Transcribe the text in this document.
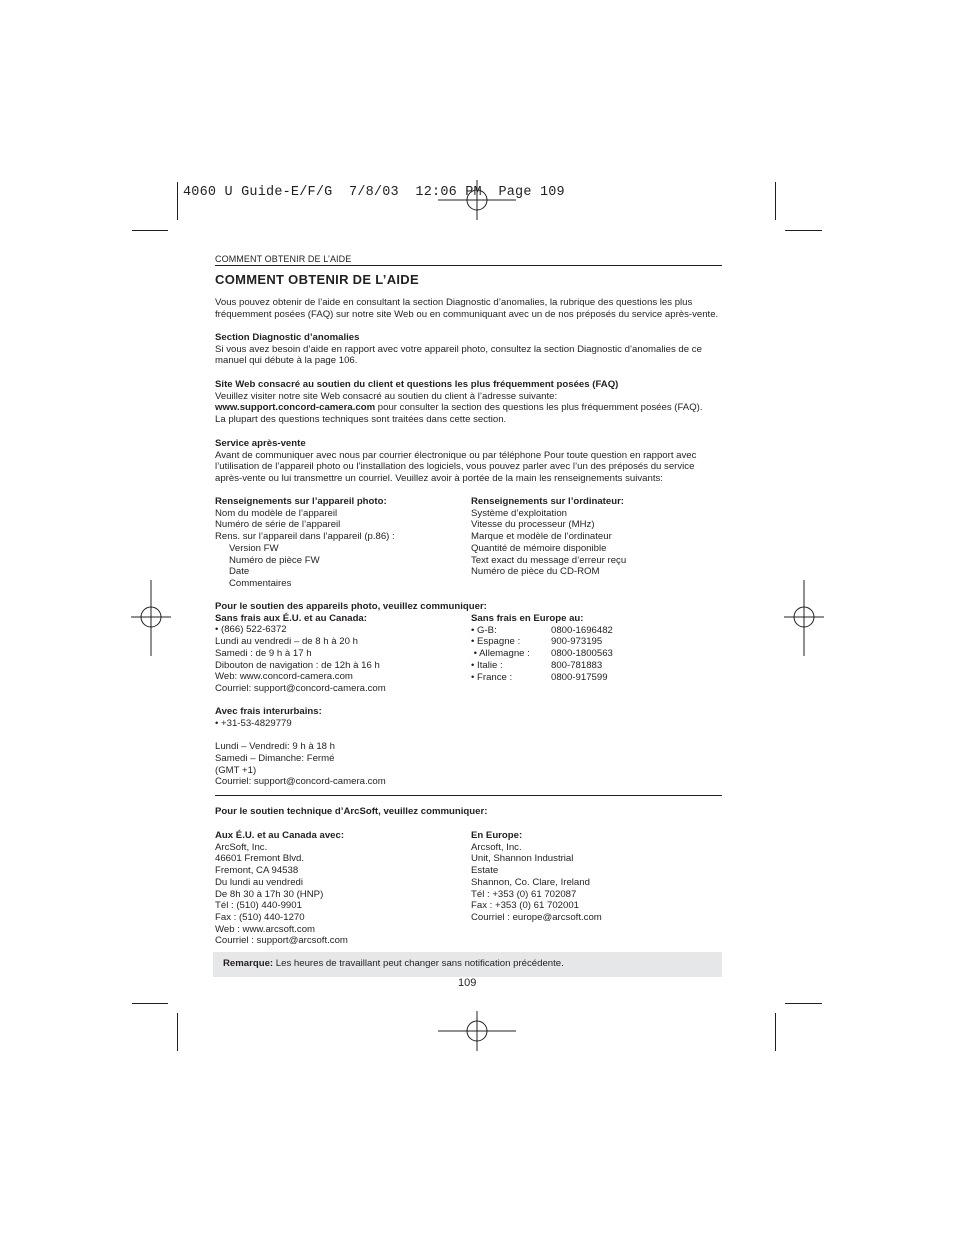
4060 U Guide-E/F/G  7/8/03  12:06 PM  Page 109
COMMENT OBTENIR DE L’AIDE
COMMENT OBTENIR DE L’AIDE
Vous pouvez obtenir de l’aide en consultant la section Diagnostic d’anomalies, la rubrique des questions les plus
fréquemment posées (FAQ) sur notre site Web ou en communiquant avec un de nos préposés du service après-vente.
Section Diagnostic d’anomalies
Si vous avez besoin d’aide en rapport avec votre appareil photo, consultez la section Diagnostic d’anomalies de ce
manuel qui débute à la page 106.
Site Web consacré au soutien du client et questions les plus fréquemment posées (FAQ)
Veuillez visiter notre site Web consacré au soutien du client à l’adresse suivante:
www.support.concord-camera.com pour consulter la section des questions les plus fréquemment posées (FAQ).
La plupart des questions techniques sont traitées dans cette section.
Service après-vente
Avant de communiquer avec nous par courrier électronique ou par téléphone Pour toute question en rapport avec
l’utilisation de l’appareil photo ou l’installation des logiciels, vous pouvez parler avec l’un des préposés du service
après-vente ou lui transmettre un courriel. Veuillez avoir à portée de la main les renseignements suivants:
Renseignements sur l’appareil photo:
Nom du modèle de l’appareil
Numéro de série de l’appareil
Rens. sur l’appareil dans l’appareil (p.86) :
Version FW
Numéro de pièce FW
Date
Commentaires
Renseignements sur l’ordinateur:
Système d’exploitation
Vitesse du processeur (MHz)
Marque et modèle de l’ordinateur
Quantité de mémoire disponible
Text exact du message d’erreur reçu
Numéro de pièce du CD-ROM
Pour le soutien des appareils photo, veuillez communiquer:
Sans frais aux É.U. et au Canada:
• (866) 522-6372
Lundi au vendredi – de 8 h à 20 h
Samedi : de 9 h à 17 h
Dibouton de navigation : de 12h à 16 h
Web: www.concord-camera.com
Courriel: support@concord-camera.com
Sans frais en Europe au:
• G-B:	0800-1696482
• Espagne :	900-973195
• Allemagne : 0800-1800563
• Italie :	800-781883
• France :	0800-917599
Avec frais interurbains:
• +31-53-4829779

Lundi – Vendredi: 9 h à 18 h
Samedi – Dimanche: Fermé
(GMT +1)
Courriel: support@concord-camera.com
Pour le soutien technique d’ArcSoft, veuillez communiquer:
Aux É.U. et au Canada avec:
ArcSoft, Inc.
46601 Fremont Blvd.
Fremont, CA 94538
Du lundi au vendredi
De 8h 30 à 17h 30 (HNP)
Tél : (510) 440-9901
Fax : (510) 440-1270
Web : www.arcsoft.com
Courriel : support@arcsoft.com
En Europe:
Arcsoft, Inc.
Unit, Shannon Industrial
Estate
Shannon, Co. Clare, Ireland
Tél : +353 (0) 61 702087
Fax : +353 (0) 61 702001
Courriel : europe@arcsoft.com
Remarque: Les heures de travaillant peut changer sans notification précédente.
109
